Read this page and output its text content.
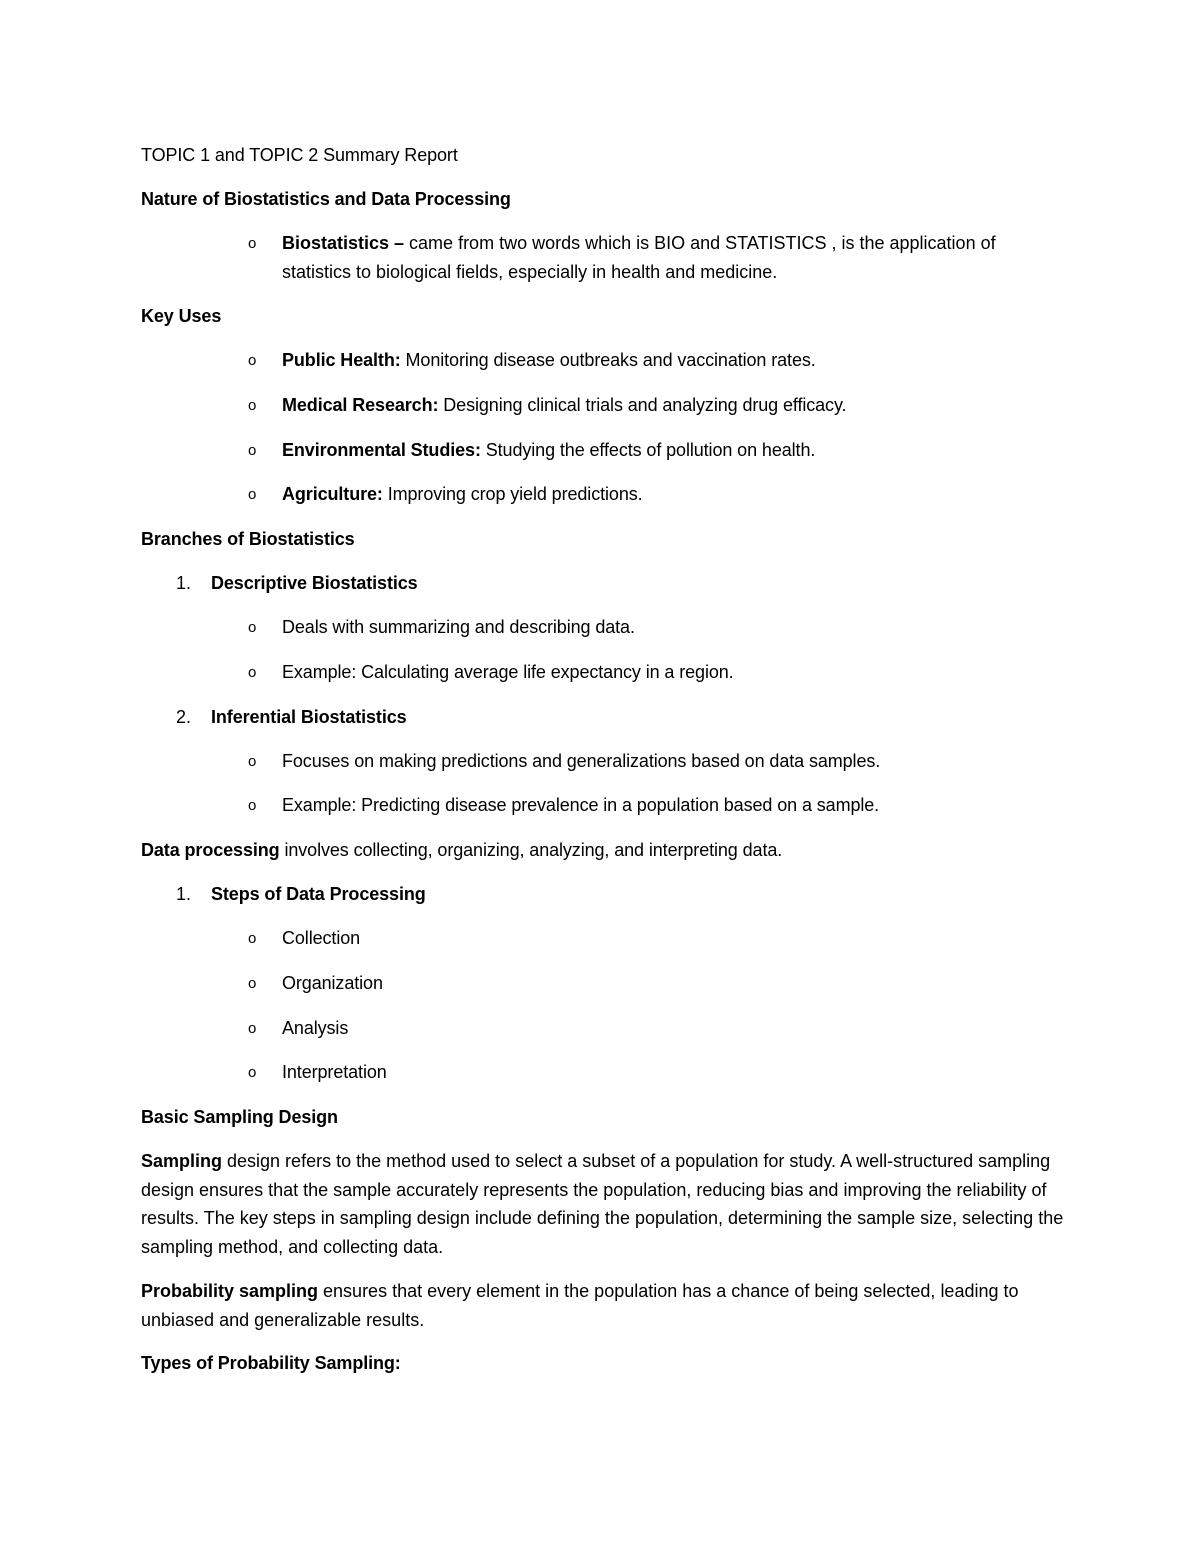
TOPIC 1 and TOPIC 2 Summary Report
Nature of Biostatistics and Data Processing
o Biostatistics – came from two words which is BIO and STATISTICS , is the application of statistics to biological fields, especially in health and medicine.
Key Uses
o Public Health: Monitoring disease outbreaks and vaccination rates.
o Medical Research: Designing clinical trials and analyzing drug efficacy.
o Environmental Studies: Studying the effects of pollution on health.
o Agriculture: Improving crop yield predictions.
Branches of Biostatistics
1. Descriptive Biostatistics
o Deals with summarizing and describing data.
o Example: Calculating average life expectancy in a region.
2. Inferential Biostatistics
o Focuses on making predictions and generalizations based on data samples.
o Example: Predicting disease prevalence in a population based on a sample.
Data processing involves collecting, organizing, analyzing, and interpreting data.
1. Steps of Data Processing
o Collection
o Organization
o Analysis
o Interpretation
Basic Sampling Design

Sampling design refers to the method used to select a subset of a population for study. A well-structured sampling design ensures that the sample accurately represents the population, reducing bias and improving the reliability of results. The key steps in sampling design include defining the population, determining the sample size, selecting the sampling method, and collecting data.

Probability sampling ensures that every element in the population has a chance of being selected, leading to unbiased and generalizable results.

Types of Probability Sampling:
